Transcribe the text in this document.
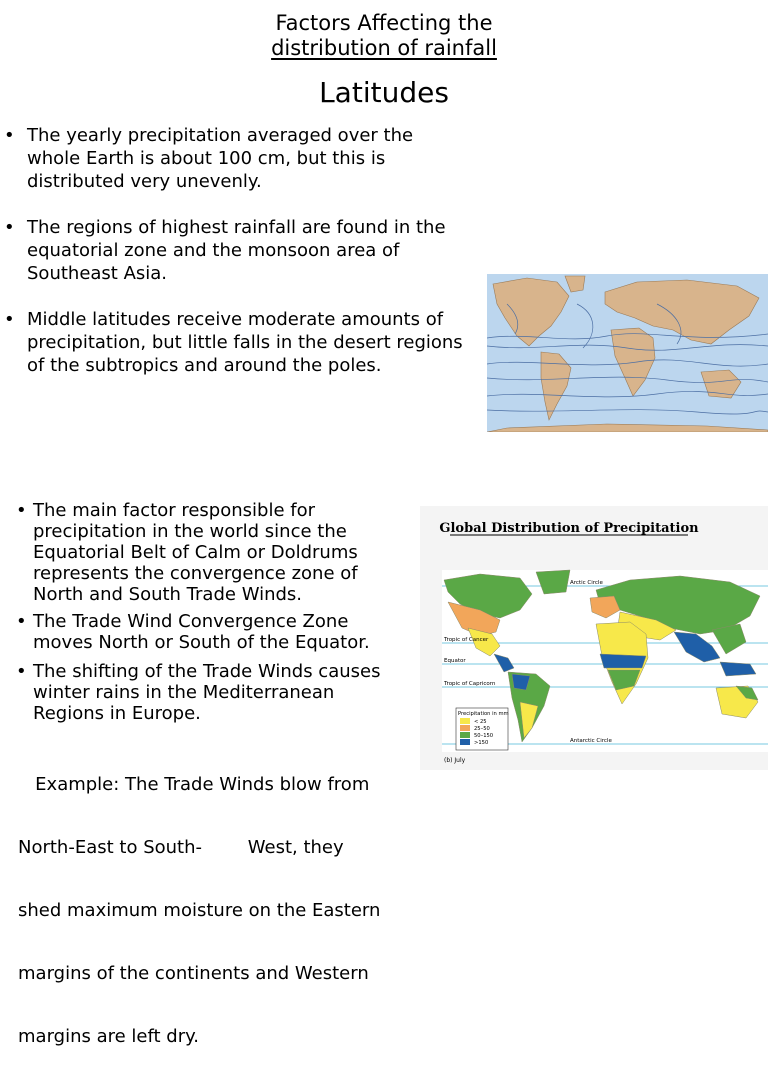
Factors Affecting the
distribution of rainfall
Latitudes
• The yearly precipitation averaged over the
whole Earth is about 100 cm, but this is
distributed very unevenly.
• The regions of highest rainfall are found in the
equatorial zone and the monsoon area of
Southeast Asia.
• Middle latitudes receive moderate amounts of
precipitation, but little falls in the desert regions
of the subtropics and around the poles.
• The main factor responsible for
precipitation in the world since the
Equatorial Belt of Calm or Doldrums
represents the convergence zone of
North and South Trade Winds.
• The Trade Wind Convergence Zone
moves North or South of the Equator.
• The shifting of the Trade Winds causes
winter rains in the Mediterranean
Regions in Europe.

Example: The Trade Winds blow from

North-East to South-        West, they

shed maximum moisture on the Eastern

margins of the continents and Western

margins are left dry.

Global Distribution of Precipitation
Arctic Circle
Tropic of Cancer
Equator
Tropic of Capricorn
Antarctic Circle
Precipitation in mm
< 25
25–50
50–150
>150
(b) July
